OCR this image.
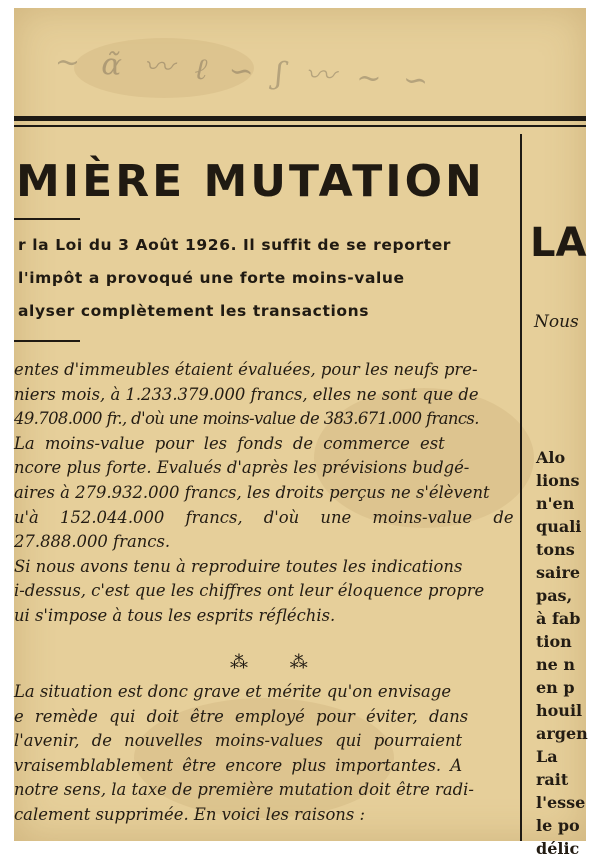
~ ɑ̃ 〰 ℓ ∽ ʃ 〰 ~ ∽
MIÈRE MUTATION
r la Loi du 3 Août 1926. Il suffit de se reporter
l'impôt a provoqué une forte moins-value
alyser complètement les transactions
entes d'immeubles étaient évaluées, pour les neufs pre-
niers mois, à 1.233.379.000 francs, elles ne sont que de
49.708.000 fr., d'où une moins-value de 383.671.000 francs.
La moins-value pour les fonds de commerce est
ncore plus forte. Evalués d'après les prévisions budgé-
aires à 279.932.000 francs, les droits perçus ne s'élèvent
u'à 152.044.000 francs, d'où une moins-value de
27.888.000 francs.
Si nous avons tenu à reproduire toutes les indications
i-dessus, c'est que les chiffres ont leur éloquence propre
ui s'impose à tous les esprits réfléchis.
⁂ ⁂
La situation est donc grave et mérite qu'on envisage
e remède qui doit être employé pour éviter, dans
l'avenir, de nouvelles moins-values qui pourraient
vraisemblablement être encore plus importantes. A
notre sens, la taxe de première mutation doit être radi-
calement supprimée. En voici les raisons :
LA
Nous
Alo
lions
n'en
quali
tons
saire
pas,
à fab
tion
ne n
en p
houil
argen
La
rait
l'esse
le po
délic
